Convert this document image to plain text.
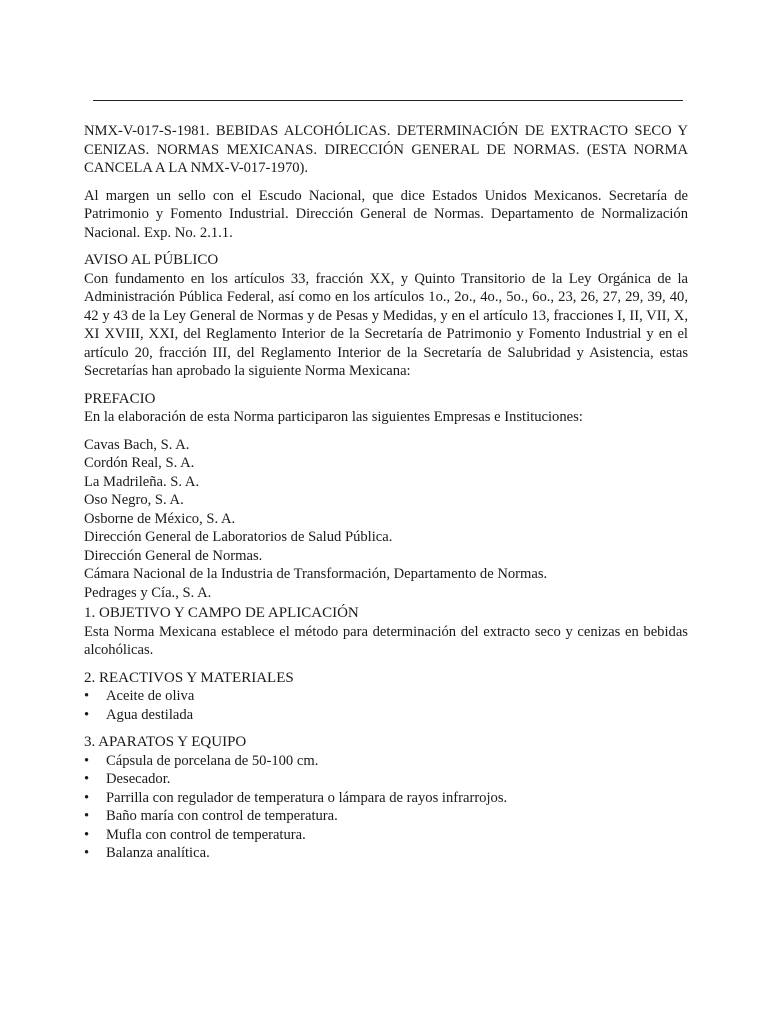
NMX-V-017-S-1981. BEBIDAS ALCOHÓLICAS. DETERMINACIÓN DE EXTRACTO SECO Y CENIZAS. NORMAS MEXICANAS. DIRECCIÓN GENERAL DE NORMAS. (ESTA NORMA CANCELA A LA NMX-V-017-1970).

Al margen un sello con el Escudo Nacional, que dice Estados Unidos Mexicanos. Secretaría de Patrimonio y Fomento Industrial. Dirección General de Normas. Departamento de Normalización Nacional. Exp. No. 2.1.1.

AVISO AL PÚBLICO

Con fundamento en los artículos 33, fracción XX, y Quinto Transitorio de la Ley Orgánica de la Administración Pública Federal, así como en los artículos 1o., 2o., 4o., 5o., 6o., 23, 26, 27, 29, 39, 40, 42 y 43 de la Ley General de Normas y de Pesas y Medidas, y en el artículo 13, fracciones I, II, VII, X, XI XVIII, XXI, del Reglamento Interior de la Secretaría de Patrimonio y Fomento Industrial y en el artículo 20, fracción III, del Reglamento Interior de la Secretaría de Salubridad y Asistencia, estas Secretarías han aprobado la siguiente Norma Mexicana:

PREFACIO

En la elaboración de esta Norma participaron las siguientes Empresas e Instituciones:

Cavas Bach, S. A.
Cordón Real, S. A.
La Madrileña. S. A.
Oso Negro, S. A.
Osborne de México, S. A.
Dirección General de Laboratorios de Salud Pública.
Dirección General de Normas.
Cámara Nacional de la Industria de Transformación, Departamento de Normas.
Pedrages y Cía., S. A.

1. OBJETIVO Y CAMPO DE APLICACIÓN

Esta Norma Mexicana establece el método para determinación del extracto seco y cenizas en bebidas alcohólicas.

2. REACTIVOS Y MATERIALES

• Aceite de oliva
• Agua destilada

3. APARATOS Y EQUIPO

• Cápsula de porcelana de 50-100 cm.
• Desecador.
• Parrilla con regulador de temperatura o lámpara de rayos infrarrojos.
• Baño maría con control de temperatura.
• Mufla con control de temperatura.
• Balanza analítica.
